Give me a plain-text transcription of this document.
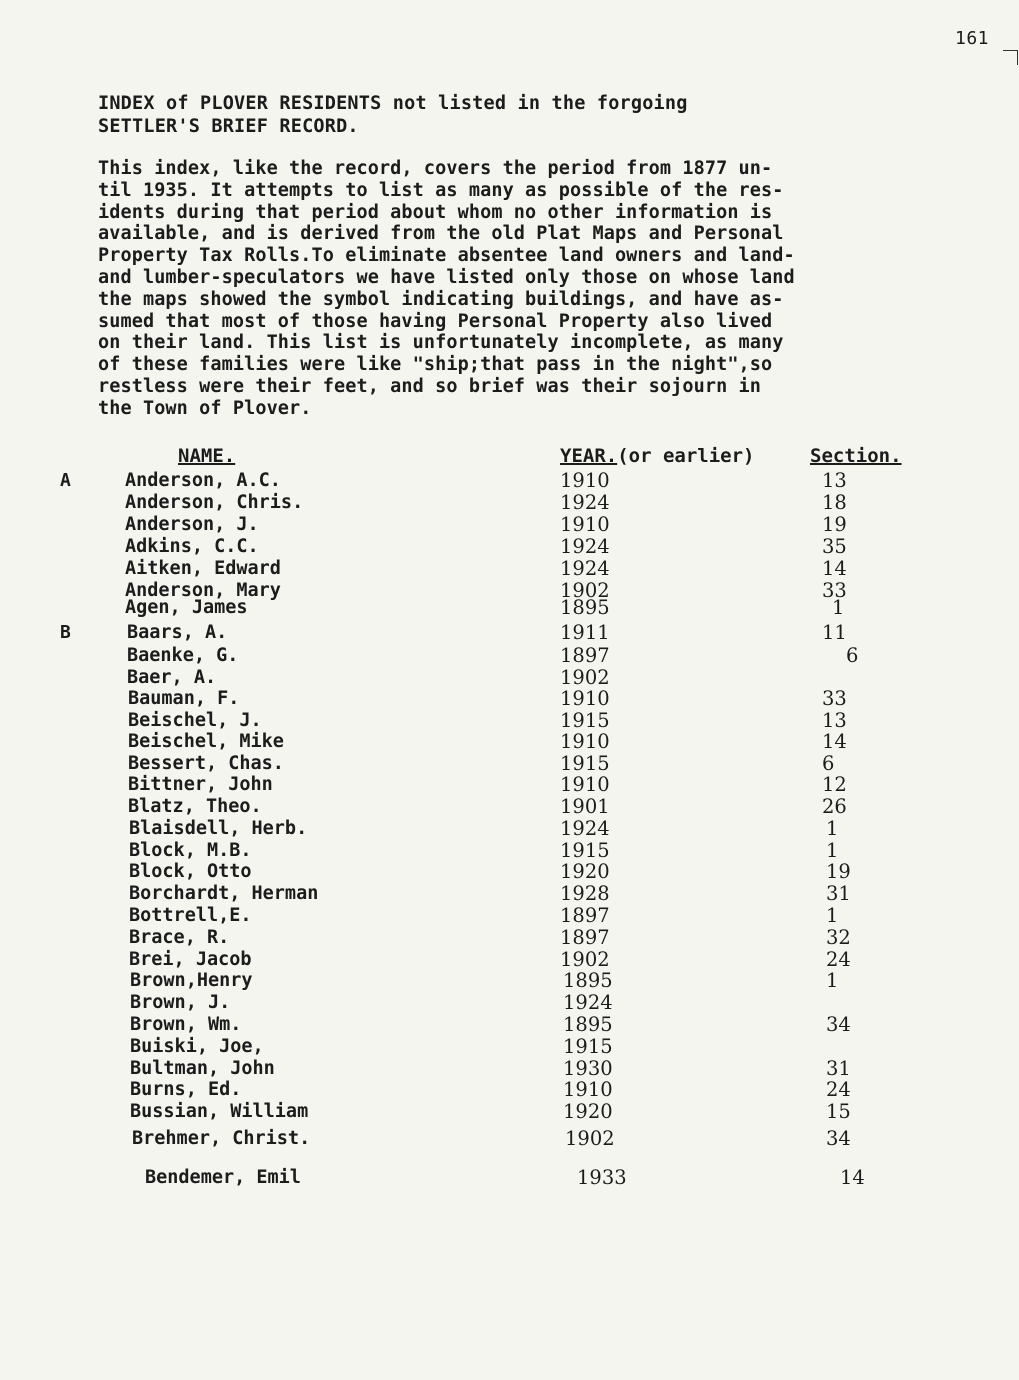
161
INDEX of PLOVER RESIDENTS not listed in the forgoing
SETTLER'S BRIEF RECORD.

This index, like the record, covers the period from 1877 un-
til 1935. It attempts to list as many as possible of the res-
idents during that period about whom no other information is
available, and is derived from the old Plat Maps and Personal
Property Tax Rolls.To eliminate absentee land owners and land-
and lumber-speculators we have listed only those on whose land
the maps showed the symbol indicating buildings, and have as-
sumed that most of those having Personal Property also lived
on their land. This list is unfortunately incomplete, as many
of these families were like "ship;that pass in the night",so
restless were their feet, and so brief was their sojourn in
the Town of Plover.

NAME.	YEAR.(or earlier)	Section.
A	Anderson, A.C.	1910	13
Anderson, Chris.	1924	18
Anderson, J.	1910	19
Adkins, C.C.	1924	35
Aitken, Edward	1924	14
Anderson, Mary	1902	33
Agen, James	1895	1
B	Baars, A.	1911	11
Baenke, G.	1897	6
Baer, A.	1902
Bauman, F.	1910	33
Beischel, J.	1915	13
Beischel, Mike	1910	14
Bessert, Chas.	1915	6
Bittner, John	1910	12
Blatz, Theo.	1901	26
Blaisdell, Herb.	1924	1
Block, M.B.	1915	1
Block, Otto	1920	19
Borchardt, Herman	1928	31
Bottrell,E.	1897	1
Brace, R.	1897	32
Brei, Jacob	1902	24
Brown,Henry	1895	1
Brown, J.	1924
Brown, Wm.	1895	34
Buiski, Joe,	1915
Bultman, John	1930	31
Burns, Ed.	1910	24
Bussian, William	1920	15
Brehmer, Christ.	1902	34
Bendemer, Emil	1933	14
